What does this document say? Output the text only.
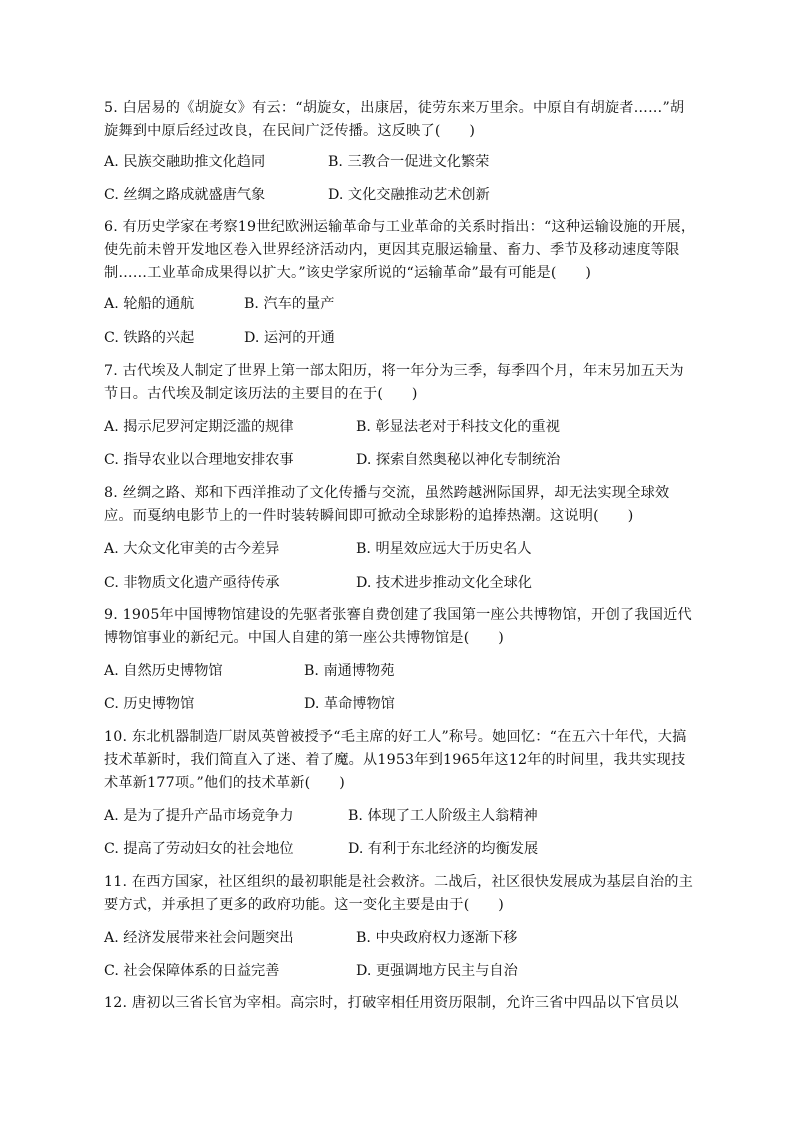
5. 白居易的《胡旋女》有云：“胡旋女，出康居，徒劳东来万里余。中原自有胡旋者……”胡旋舞到中原后经过改良，在民间广泛传播。这反映了(　　)
A. 民族交融助推文化趋同	B. 三教合一促进文化繁荣
C. 丝绸之路成就盛唐气象	D. 文化交融推动艺术创新
6. 有历史学家在考察19世纪欧洲运输革命与工业革命的关系时指出：“这种运输设施的开展，使先前未曾开发地区卷入世界经济活动内，更因其克服运输量、畜力、季节及移动速度等限制……工业革命成果得以扩大。”该史学家所说的“运输革命”最有可能是(　　)
A. 轮船的通航	B. 汽车的量产
C. 铁路的兴起	D. 运河的开通
7. 古代埃及人制定了世界上第一部太阳历，将一年分为三季，每季四个月，年末另加五天为节日。古代埃及制定该历法的主要目的在于(　　)
A. 揭示尼罗河定期泛滥的规律	B. 彰显法老对于科技文化的重视
C. 指导农业以合理地安排农事	D. 探索自然奥秘以神化专制统治
8. 丝绸之路、郑和下西洋推动了文化传播与交流，虽然跨越洲际国界，却无法实现全球效应。而戛纳电影节上的一件时装转瞬间即可掀动全球影粉的追捧热潮。这说明(　　)
A. 大众文化审美的古今差异	B. 明星效应远大于历史名人
C. 非物质文化遗产亟待传承	D. 技术进步推动文化全球化
9. 1905年中国博物馆建设的先驱者张謇自费创建了我国第一座公共博物馆，开创了我国近代博物馆事业的新纪元。中国人自建的第一座公共博物馆是(　　)
A. 自然历史博物馆	B. 南通博物苑
C. 历史博物馆	D. 革命博物馆
10. 东北机器制造厂尉凤英曾被授予“毛主席的好工人”称号。她回忆：“在五六十年代，大搞技术革新时，我们简直入了迷、着了魔。从1953年到1965年这12年的时间里，我共实现技术革新177项。”他们的技术革新(　　)
A. 是为了提升产品市场竞争力	B. 体现了工人阶级主人翁精神
C. 提高了劳动妇女的社会地位	D. 有利于东北经济的均衡发展
11. 在西方国家，社区组织的最初职能是社会救济。二战后，社区很快发展成为基层自治的主要方式，并承担了更多的政府功能。这一变化主要是由于(　　)
A. 经济发展带来社会问题突出	B. 中央政府权力逐渐下移
C. 社会保障体系的日益完善	D. 更强调地方民主与自治
12. 唐初以三省长官为宰相。高宗时，打破宰相任用资历限制，允许三省中四品以下官员以
